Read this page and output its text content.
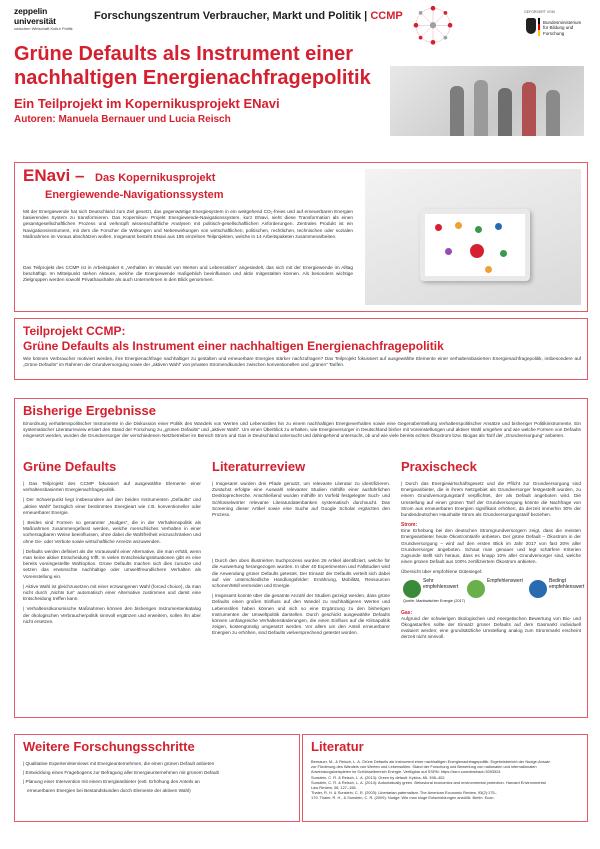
zeppelin universität
zwischen Wirtschaft Kultur Politik
Forschungszentrum Verbraucher, Markt und Politik | CCMP	GEFÖRDERT VOM
Bundesministerium für Bildung und Forschung
Grüne Defaults als Instrument einer nachhaltigen Energienachfragepolitik
Ein Teilprojekt im Kopernikusprojekt ENavi
Autoren: Manuela Bernauer und Lucia Reisch
ENavi – Das Kopernikusprojekt
Energiewende-Navigationssystem
Mit der Energiewende hat sich Deutschland zum Ziel gesetzt, das gegenwärtige Energiesystem in ein weitgehend CO₂-freies und auf erneuerbaren Energien basierendes System zu transformieren. Das Kopernikus- Projekt Energiewende-Navigationssystem, kurz ENavi, sieht diese Transformation als einen gesamtgesellschaftlichen Prozess und verknüpft wissenschaftliche Analysen mit politisch-gesellschaftlichen Anforderungen. Zentrales Produkt ist ein Navigationsinstrument, mit dem die Forscher die Wirkungen und Nebenwirkungen von wirtschaftlichen, politischen, rechtlichen, technischen oder sozialen Maßnahmen im Voraus abschätzen wollen. Insgesamt besteht ENavi aus 195 einzelnen Teilprojekten, welche in 14 Arbeitspaketen zusammenarbeiten.
Das Teilprojekt des CCMP ist in Arbeitspaket 6 „Verhalten im Wandel von Werten und Lebensstilen“ angesiedelt, das sich mit der Energiewende im Alltag beschäftigt. Im Mittelpunkt stehen Akteure, welche die Energiewende maßgeblich beeinflussen und aktiv mitgestalten können. Als besonders wichtige Zielgruppen werden sowohl Privathaushalte als auch Unternehmen in den Blick genommen.
Teilprojekt CCMP:
Grüne Defaults als Instrument einer nachhaltigen Energienachfragepolitik
Wie können Verbraucher motiviert werden, ihre Energienachfrage nachhaltiger zu gestalten und erneuerbare Energien stärker nachzufragen? Das Teilprojekt fokussiert auf ausgewählte Elemente einer verhaltensbasierten Energienachfragepolitik, insbesondere auf „Grüne Defaults“ im Rahmen der Grundversorgung sowie der „aktiven Wahl“ von privaten Stromendkunden zwischen konventionellen und „grünen“ Tarifen.
Bisherige Ergebnisse
Einordnung verhaltenspolitischer Instrumente in die Diskussion einer Politik des Wandels von Werten und Lebensstilen hin zu einem nachhaltigen Energieverhalten sowie eine Gegenüberstellung verhaltenspolitischer Ansätze und bisheriger Politikinstrumente. Ein systematischer Literaturreview erüiert den Stand der Forschung zu „grünen Defaults“ und „aktiver Wahl“. Um einen Überblick zu erhalten, wie Energieversorger in Deutschland bisher mit Voreinstellungen und aktiver Wahl umgehen und wie welche Formen von Defaults eingesetzt werden, wurden die Grundversorger der verschiedenen Netzbetreiber im Bereich Strom und Gas in Deutschland untersucht und dahingehend untersucht, ob und wie viele bereits echten Ökostrom bzw. Biogas als Tarif der „Grundversorgung“ anbieten.
Grüne Defaults	Literaturreview	Praxischeck
| Das Teilprojekt des CCMP fokussiert auf ausgewählte Elemente einer verhaltensbasierten Energienachfragepolitik.
| Der Schwerpunkt liegt insbesondere auf den beiden Instrumenten „Defaults“ und „aktive Wahl“ bezüglich einer bestimmten Energieart wie z.B. konventioneller oder erneuerbarer Energie.
| Beides sind Formen so genannter „Nudges“, die in der Verhaltenspolitik als Maßnahmen zusammengefasst werden, welche menschliches Verhalten in einer vorhersagbaren Weise beeinflussen, ohne dabei die Wahlfreiheit einzuschränken und ohne Ge- oder Verbote sowie wirtschaftliche Anreize anzuwenden.
| Defaults werden definiert als die Vorauswahl einer Alternative, die man erhält, wenn man keine aktive Entscheidung trifft. In vielen Entscheidungssituationen gibt es eine bereits voreingestellte Wahloption. Grüne Defaults machen sich dies zunutze und setzen das erwünschte nachhaltige oder umweltfreundlichere Verhalten als Voreinstellung ein.
| Aktive Wahl ist gleichzusetzen mit einer erzwungenen Wahl (forced choice), da man nicht durch „Nichts tun“ automatisch einer Alternative zustimmen und damit eine Entscheidung treffen kann.
| Verhaltensökonomische Maßnahmen können den bisherigen Instrumentenkatalog der ökologischen Verbraucherpolitik sinnvoll ergänzen und erweitern, sollen ihn aber nicht ersetzen.
| Insgesamt wurden drei Pfade genutzt, um relevante Literatur zu identifizieren. Zunächst erfolgte eine Auswahl relevanter Studien mithilfe einer ausführlichen Desktoprecherche. Anschließend wurden mithilfe im Vorfeld festgelegter Such- und Schlüsselwörter relevante Literaturdatenbanken systematisch durchsucht. Das Screening dieser Artikel sowie eine Suche auf Google Scholar ergänzten den Prozess.
| Durch den oben illustrierten Suchprozess wurden 26 Artikel identifiziert, welche für die Auswertung herangezogen wurden. In über 40 Experimenten und Fallstudien wird die Anwendung grüner Defaults getestet. Der Einsatz der Defaults verteilt sich dabei auf vier unterschiedliche Handlungsfelder: Ernährung, Mobilität, Ressourcen schonen/Müll vermeiden und Energie.
| Insgesamt konnte über die gesamte Anzahl der Studien gezeigt werden, dass grüne Defaults einen großen Einfluss auf den Wandel zu nachhaltigeren Werten und Lebensstilen haben können und sich so eine Ergänzung zu den bisherigen Instrumenten der Umweltpolitik darstellen. Durch geschickt ausgewählte Defaults können umfangreiche Verhaltensänderungen, die einen Einfluss auf die Klimapolitik zeigen, kostengünstig umgesetzt werden. Vor allem um den Anteil erneuerbarer Energien zu erhöhen, sind Defaults vielversprechend getestet worden.
| Durch das Energiewirtschaftsgesetz und die Pflicht zur Grundversorgung sind Energieanbieter, die in ihrem Netzgebiet als Grundversorger festgestellt wurden, zu einem Grundversorgungstarif verpflichtet, der als Default angeboten wird. Die Umstellung auf einen grünen Tarif der Grundversorgung könnte die Nachfrage von Strom aus erneuerbaren Energien signifikant erhöhen, da derzeit immerhin 30% der bundesdeutschen Haushalte Strom als Grundversorgungstarif beziehen.
Strom:
Eine Erhebung bei den deutschen Stromgrundversorgern zeigt, dass die meisten Energieanbieter heute Ökostromtarife anbieten. Der grüne Default – Ökostrom in der Grundversorgung – wird auf den ersten Blick im Jahr 2017 von fast 20% aller Grundversorger angeboten. Schaut man genauer und legt schärfere Kriterien zugrunde stellt sich heraus, dass es knapp 10% aller Grundversorger sind, welche einen grünen Default aus 100% zertifiziertem Ökostrom anbieten.
Übersicht über empfohlene Gütesiegel:
Sehr empfehlenswert
Empfehlenswert	Bedingt empfehlenswert
Quelle: Marktwächter Energie (2017)
Gas:
Aufgrund der schwierigen ökologischen und energetischen Bewertung von Bio- und Ökogastarifen sollte der Einsatz grüner Defaults auf dem Gasmarkt individuell evaluiert werden; eine grundsätzliche Umstellung analog zum Strommarkt erscheint derzeit nicht sinnvoll.
Weitere Forschungsschritte
| Qualitative Experteninterviews mit Energieunternehmen, die einen grünen Default anbieten
| Entwicklung eines Fragebogens zur Befragung aller Energieunternehmen mit grünem Default
| Planung einer Intervention mit einem Energieanbieter (evtl. Erhöhung des Anteils an
erneuerbaren Energien bei Bestandskunden durch Elemente der aktiven Wahl)
Literatur
Bernauer, M., & Reisch, L. A. Grüne Defaults als Instrument einer nachhaltigen Energienachfragepolitik. Ergebnisbericht der Nudge-Ansatz
zur Förderung des Wandels von Werten und Lebensstilen. Stand der Forschung und Bewertung von nationalen und internationalen
Anwendungsbeispielen im Schlüsselbereich Energie. Verfügbar auf SSRN: https://ssrn.com/abstract=3093524
Sunstein, C. R. & Reisch, L. A. (2013): Green by default. Kyklos, 66, 398–402.
Sunstein, C. R. & Reisch, L. A. (2014): Automatically green. Behavioral economics and environmental protection. Harvard Environmental
Law Review, 38, 127–158.
Thaler, R. H. & Sunstein, C. R. (2003): Libertarian paternalism. The American Economic Review, 93(2):175–
179. Thaler, R. H., & Sunstein, C. R. (2009). Nudge: Wie man kluge Entscheidungen anstößt. Berlin: Econ.
